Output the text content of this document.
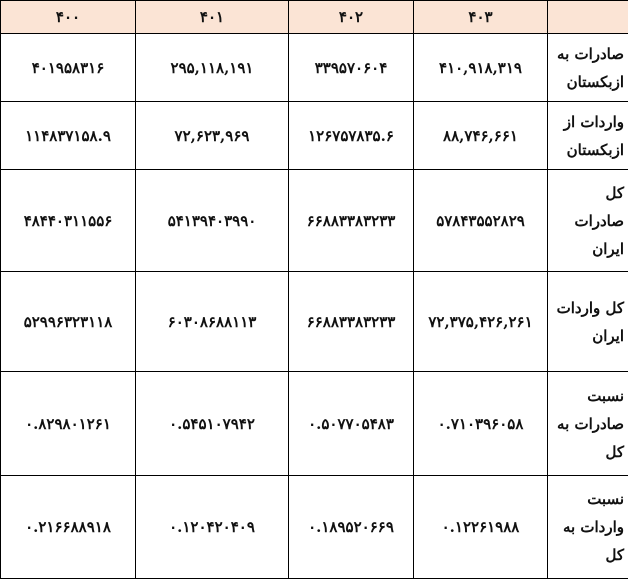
	۴۰۳	۴۰۲	۴۰۱	۴۰۰
صادرات به ازبکستان	۴۱۰,۹۱۸,۳۱۹	۳۳۹۵۷۰۶۰۴	۲۹۵,۱۱۸,۱۹۱	۴۰۱۹۵۸۳۱۶
واردات از ازبکستان	۸۸,۷۴۶,۶۶۱	۱۲۶۷۵۷۸۳۵.۶	۷۲,۶۲۳,۹۶۹	۱۱۴۸۳۷۱۵۸.۹
کل صادرات ایران	۵۷۸۴۳۵۵۲۸۲۹	۶۶۸۸۳۳۸۳۲۳۳	۵۴۱۳۹۴۰۳۹۹۰	۴۸۴۴۰۳۱۱۵۵۶
کل واردات ایران	۷۲,۳۷۵,۴۲۶,۲۶۱	۶۶۸۸۳۳۸۳۲۳۳	۶۰۳۰۸۶۸۸۱۱۳	۵۲۹۹۶۳۲۳۱۱۸
نسبت صادرات به کل	۰.۷۱۰۳۹۶۰۵۸	۰.۵۰۷۷۰۵۴۸۳	۰.۵۴۵۱۰۷۹۴۲	۰.۸۲۹۸۰۱۲۶۱
نسبت واردات به کل	۰.۱۲۲۶۱۹۸۸	۰.۱۸۹۵۲۰۶۶۹	۰.۱۲۰۴۲۰۴۰۹	۰.۲۱۶۶۸۸۹۱۸
